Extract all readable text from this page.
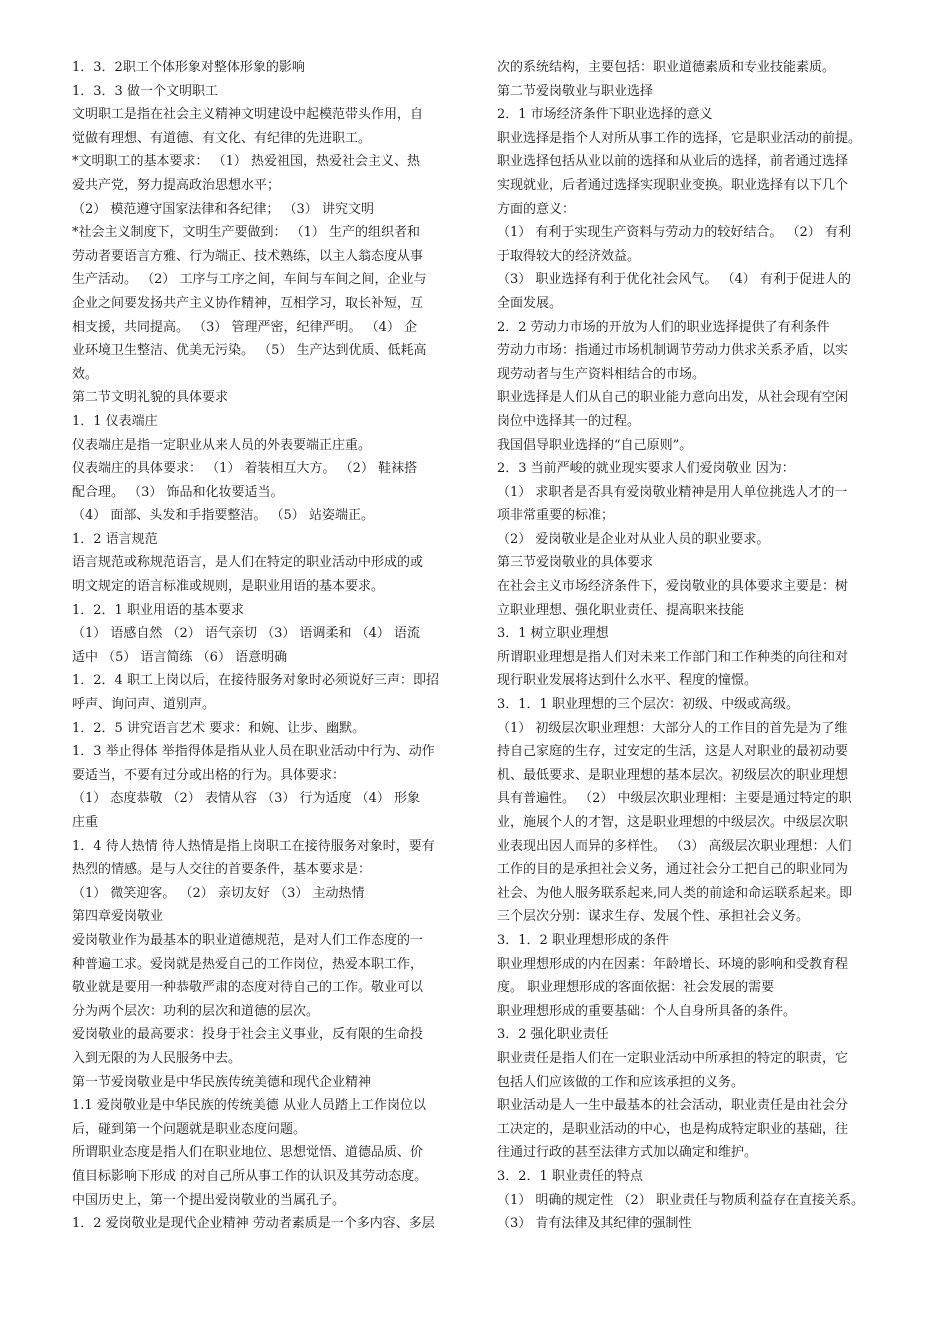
1．3．2职工个体形象对整体形象的影响
1．3．3 做一个文明职工
文明职工是指在社会主义精神文明建设中起模范带头作用，自
觉做有理想、有道德、有文化、有纪律的先进职工。
*文明职工的基本要求： （1） 热爱祖国，热爱社会主义、热
爱共产党，努力提高政治思想水平；
（2） 模范遵守国家法律和各纪律； （3） 讲究文明
*社会主义制度下，文明生产要做到： （1） 生产的组织者和
劳动者要语言方雅、行为端正、技术熟练，以主人翁态度从事
生产活动。 （2） 工序与工序之间，车间与车间之间，企业与
企业之间要发扬共产主义协作精神，互相学习，取长补短，互
相支援，共同提高。 （3） 管理严密，纪律严明。 （4） 企
业环境卫生整洁、优美无污染。 （5） 生产达到优质、低耗高
效。
第二节文明礼貌的具体要求
1．1 仪表端庄
仪表端庄是指一定职业从来人员的外表要端正庄重。
仪表端庄的具体要求： （1） 着装相互大方。 （2） 鞋袜搭
配合理。 （3） 饰品和化妆要适当。
（4） 面部、头发和手指要整洁。 （5） 站姿端正。
1．2 语言规范
语言规范或称规范语言，是人们在特定的职业活动中形成的或
明文规定的语言标准或规则，是职业用语的基本要求。
1．2．1 职业用语的基本要求
（1） 语感自然 （2） 语气亲切 （3） 语调柔和 （4） 语流
适中 （5） 语言简练 （6） 语意明确
1．2．4 职工上岗以后，在接待服务对象时必须说好三声：即招
呼声、询问声、道别声。
1．2．5 讲究语言艺术 要求：和婉、让步、幽默。
1．3 举止得体 举指得体是指从业人员在职业活动中行为、动作
要适当，不要有过分或出格的行为。具体要求：
（1） 态度恭敬 （2） 表情从容 （3） 行为适度 （4） 形象
庄重
1．4 待人热情 待人热情是指上岗职工在接待服务对象时，要有
热烈的情感。是与人交往的首要条件，基本要求是：
（1） 微笑迎客。 （2） 亲切友好 （3） 主动热情
第四章爱岗敬业
爱岗敬业作为最基本的职业道德规范，是对人们工作态度的一
种普遍工求。爱岗就是热爱自己的工作岗位，热爱本职工作，
敬业就是要用一种恭敬严肃的态度对待自己的工作。敬业可以
分为两个层次：功利的层次和道德的层次。
爱岗敬业的最高要求：投身于社会主义事业，反有限的生命投
入到无限的为人民服务中去。
第一节爱岗敬业是中华民族传统美德和现代企业精神
1.1 爱岗敬业是中华民族的传统美德 从业人员踏上工作岗位以
后，碰到第一个问题就是职业态度问题。
所谓职业态度是指人们在职业地位、思想觉悟、道德品质、价
值目标影响下形成 的对自己所从事工作的认识及其劳动态度。
中国历史上，第一个提出爱岗敬业的当属孔子。
1．2 爱岗敬业是现代企业精神 劳动者素质是一个多内容、多层
次的系统结构，主要包括：职业道德素质和专业技能素质。
第二节爱岗敬业与职业选择
2．1 市场经济条件下职业选择的意义
职业选择是指个人对所从事工作的选择，它是职业活动的前提。
职业选择包括从业以前的选择和从业后的选择，前者通过选择
实现就业，后者通过选择实现职业变换。职业选择有以下几个
方面的意义：
（1） 有利于实现生产资料与劳动力的较好结合。 （2） 有利
于取得较大的经济效益。
（3） 职业选择有利于优化社会风气。 （4） 有利于促进人的
全面发展。
2．2 劳动力市场的开放为人们的职业选择提供了有利条件
劳动力市场：指通过市场机制调节劳动力供求关系矛盾，以实
现劳动者与生产资料相结合的市场。
职业选择是人们从自己的职业能力意向出发，从社会现有空闲
岗位中选择其一的过程。
我国倡导职业选择的“自己原则”。
2．3 当前严峻的就业现实要求人们爱岗敬业 因为：
（1） 求职者是否具有爱岗敬业精神是用人单位挑选人才的一
项非常重要的标准；
（2） 爱岗敬业是企业对从业人员的职业要求。
第三节爱岗敬业的具体要求
在社会主义市场经济条件下，爱岗敬业的具体要求主要是：树
立职业理想、强化职业责任、提高职来技能
3．1 树立职业理想
所谓职业理想是指人们对未来工作部门和工作种类的向往和对
现行职业发展将达到什么水平、程度的憧憬。
3．1．1 职业理想的三个层次：初级、中级或高级。
（1） 初级层次职业理想：大部分人的工作目的首先是为了维
持自己家庭的生存，过安定的生活，这是人对职业的最初动要
机、最低要求、是职业理想的基本层次。初级层次的职业理想
具有普遍性。 （2） 中级层次职业理相：主要是通过特定的职
业，施展个人的才智，这是职业理想的中级层次。中级层次职
业表现出因人而异的多样性。 （3） 高级层次职业理想：人们
工作的目的是承担社会义务，通过社会分工把自己的职业同为
社会、为他人服务联系起来,同人类的前途和命运联系起来。即
三个层次分别：谋求生存、发展个性、承担社会义务。
3．1．2 职业理想形成的条件
职业理想形成的内在因素：年龄增长、环境的影响和受教育程
度。 职业理想形成的客面依据：社会发展的需要
职业理想形成的重要基础：个人自身所具备的条件。
3．2 强化职业责任
职业责任是指人们在一定职业活动中所承担的特定的职责，它
包括人们应该做的工作和应该承担的义务。
职业活动是人一生中最基本的社会活动，职业责任是由社会分
工决定的，是职业活动的中心，也是构成特定职业的基础，往
往通过行政的甚至法律方式加以确定和维护。
3．2．1 职业责任的特点
（1） 明确的规定性 （2） 职业责任与物质利益存在直接关系。
（3） 肯有法律及其纪律的强制性
